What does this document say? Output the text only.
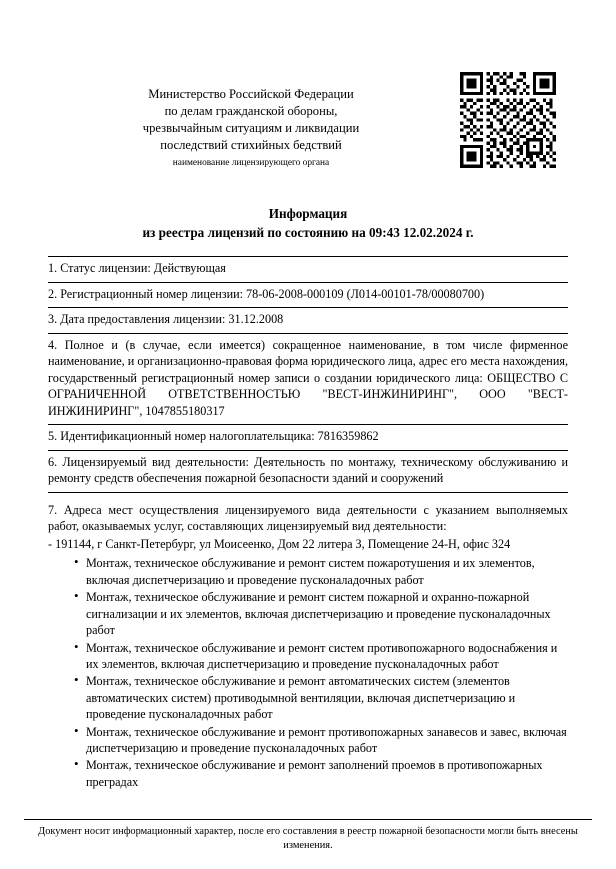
Министерство Российской Федерации
по делам гражданской обороны,
чрезвычайным ситуациям и ликвидации
последствий стихийных бедствий
наименование лицензирующего органа
Информация
из реестра лицензий по состоянию на 09:43 12.02.2024 г.
1. Статус лицензии: Действующая
2. Регистрационный номер лицензии: 78-06-2008-000109 (Л014-00101-78/00080700)
3. Дата предоставления лицензии: 31.12.2008
4. Полное и (в случае, если имеется) сокращенное наименование, в том числе фирменное наименование, и организационно-правовая форма юридического лица, адрес его места нахождения, государственный регистрационный номер записи о создании юридического лица: ОБЩЕСТВО С ОГРАНИЧЕННОЙ ОТВЕТСТВЕННОСТЬЮ "ВЕСТ-ИНЖИНИРИНГ", ООО "ВЕСТ-ИНЖИНИРИНГ", 1047855180317
5. Идентификационный номер налогоплательщика: 7816359862
6. Лицензируемый вид деятельности: Деятельность по монтажу, техническому обслуживанию и ремонту средств обеспечения пожарной безопасности зданий и сооружений
7. Адреса мест осуществления лицензируемого вида деятельности с указанием выполняемых работ, оказываемых услуг, составляющих лицензируемый вид деятельности:
- 191144, г Санкт-Петербург, ул Моисеенко, Дом 22 литера З, Помещение 24-Н, офис 324
• Монтаж, техническое обслуживание и ремонт систем пожаротушения и их элементов, включая диспетчеризацию и проведение пусконаладочных работ
• Монтаж, техническое обслуживание и ремонт систем пожарной и охранно-пожарной сигнализации и их элементов, включая диспетчеризацию и проведение пусконаладочных работ
• Монтаж, техническое обслуживание и ремонт систем противопожарного водоснабжения и их элементов, включая диспетчеризацию и проведение пусконаладочных работ
• Монтаж, техническое обслуживание и ремонт автоматических систем (элементов автоматических систем) противодымной вентиляции, включая диспетчеризацию и проведение пусконаладочных работ
• Монтаж, техническое обслуживание и ремонт противопожарных занавесов и завес, включая диспетчеризацию и проведение пусконаладочных работ
• Монтаж, техническое обслуживание и ремонт заполнений проемов в противопожарных преградах
Документ носит информационный характер, после его составления в реестр пожарной безопасности могли быть внесены изменения.
